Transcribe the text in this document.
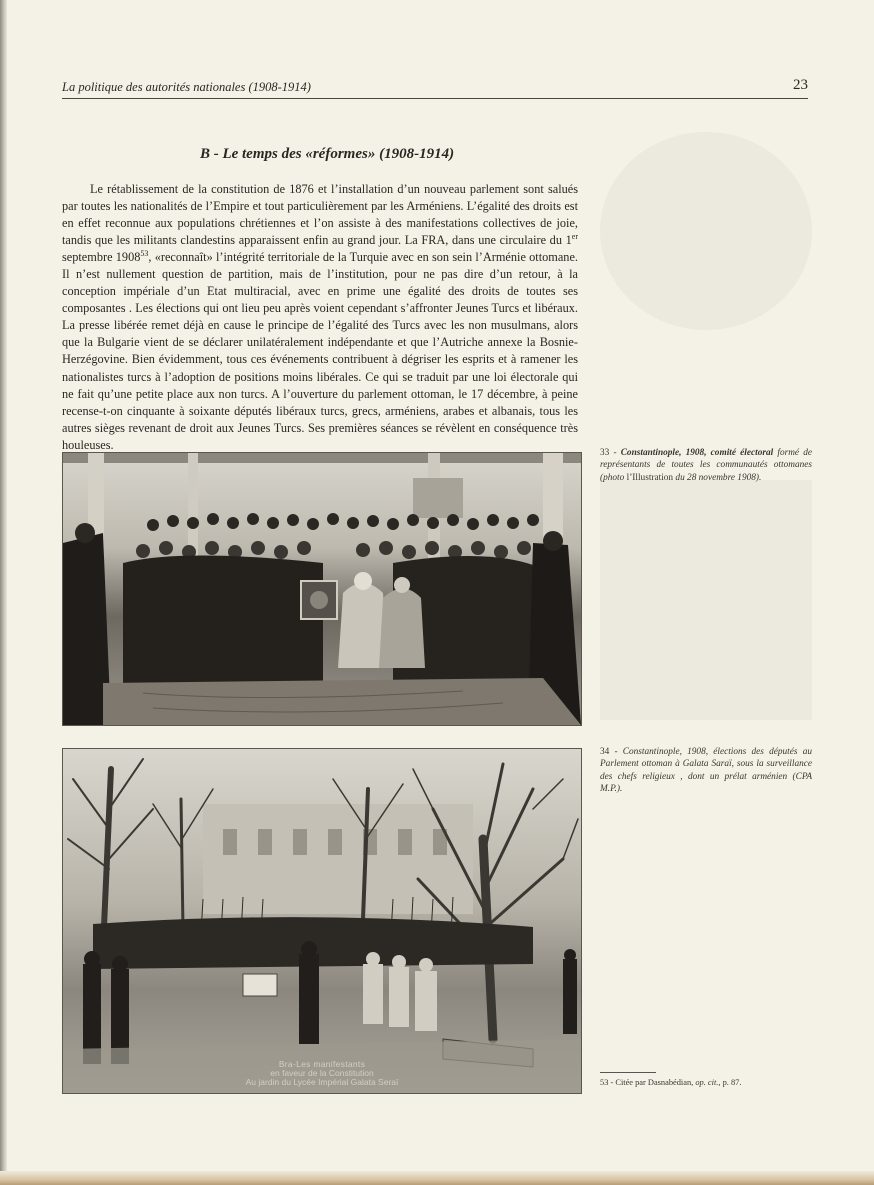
La politique des autorités nationales (1908-1914)	23
B - Le temps des «réformes» (1908-1914)

Le rétablissement de la constitution de 1876 et l’installation d’un nouveau parlement sont salués par toutes les nationalités de l’Empire et tout particulièrement par les Arméniens. L’égalité des droits est en effet reconnue aux populations chrétiennes et l’on assiste à des manifestations collectives de joie, tandis que les militants clandestins apparaissent enfin au grand jour. La FRA, dans une circulaire du 1er septembre 1908$^{53}$, «reconnaît» l’intégrité territoriale de la Turquie avec en son sein l’Arménie ottomane. Il n’est nullement question de partition, mais de l’institution, pour ne pas dire d’un retour, à la conception impériale d’un Etat multiracial, avec en prime une égalité des droits de toutes ses composantes . Les élections qui ont lieu peu après voient cependant s’affronter Jeunes Turcs et libéraux. La presse libérée remet déjà en cause le principe de l’égalité des Turcs avec les non musulmans, alors que la Bulgarie vient de se déclarer unilatéralement indépendante et que l’Autriche annexe la Bosnie-Herzégovine. Bien évidemment, tous ces événements contribuent à dégriser les esprits et à ramener les nationalistes turcs à l’adoption de positions moins libérales. Ce qui se traduit par une loi électorale qui ne fait qu’une petite place aux non turcs. A l’ouverture du parlement ottoman, le 17 décembre, à peine recense-t-on cinquante à soixante députés libéraux turcs, grecs, arméniens, arabes et albanais, tous les autres sièges revenant de droit aux Jeunes Turcs. Ses premières séances se révèlent en conséquence très houleuses.

33 - Constantinople, 1908, comité électoral formé de représentants de toutes les communautés ottomanes (photo l’Illustration du 28 novembre 1908).

Bra-Les manifestants
en faveur de la Constitution
Au jardin du Lycée Impérial Galata Seraï

34 - Constantinople, 1908, élections des députés au Parlement ottoman à Galata Saraï, sous la surveillance des chefs religieux , dont un prélat arménien (CPA M.P.).

53 - Citée par Dasnabédian, op. cit., p. 87.
